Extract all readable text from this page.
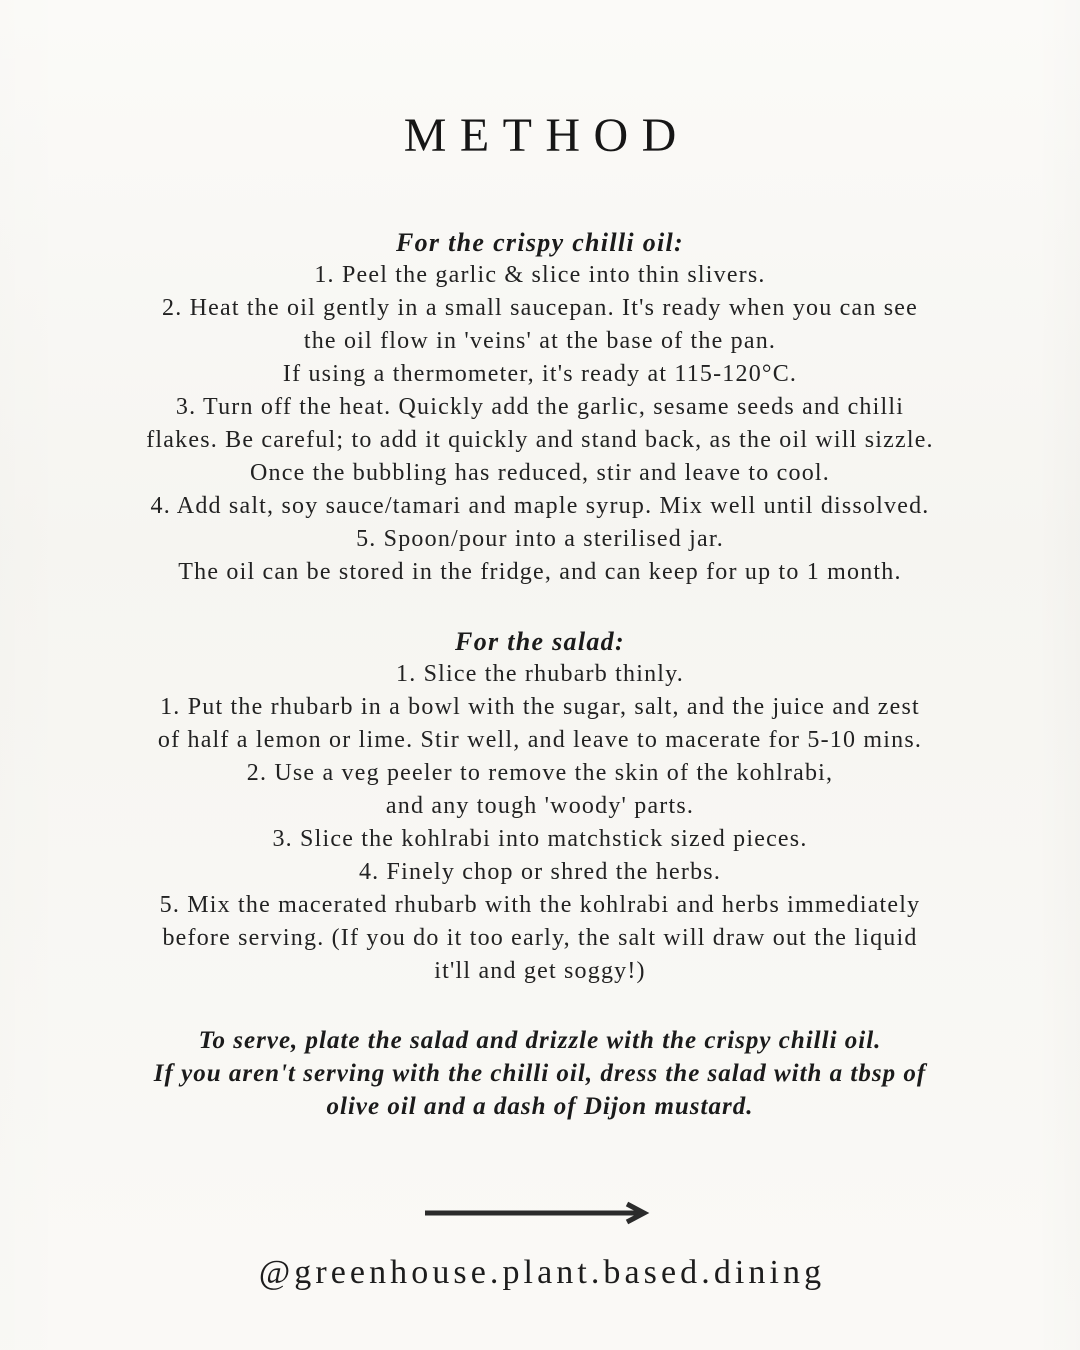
METHOD
For the crispy chilli oil:
1. Peel the garlic & slice into thin slivers.
2. Heat the oil gently in a small saucepan. It's ready when you can see
the oil flow in 'veins' at the base of the pan.
If using a thermometer, it's ready at 115-120°C.
3. Turn off the heat. Quickly add the garlic, sesame seeds and chilli
flakes. Be careful; to add it quickly and stand back, as the oil will sizzle.
Once the bubbling has reduced, stir and leave to cool.
4. Add salt, soy sauce/tamari and maple syrup. Mix well until dissolved.
5. Spoon/pour into a sterilised jar.
The oil can be stored in the fridge, and can keep for up to 1 month.
For the salad:
1. Slice the rhubarb thinly.
1. Put the rhubarb in a bowl with the sugar, salt, and the juice and zest
of half a lemon or lime. Stir well, and leave to macerate for 5-10 mins.
2. Use a veg peeler to remove the skin of the kohlrabi,
and any tough 'woody' parts.
3. Slice the kohlrabi into matchstick sized pieces.
4. Finely chop or shred the herbs.
5. Mix the macerated rhubarb with the kohlrabi and herbs immediately
before serving. (If you do it too early, the salt will draw out the liquid
it'll and get soggy!)
To serve, plate the salad and drizzle with the crispy chilli oil.
If you aren't serving with the chilli oil, dress the salad with a tbsp of
olive oil and a dash of Dijon mustard.
@greenhouse.plant.based.dining
